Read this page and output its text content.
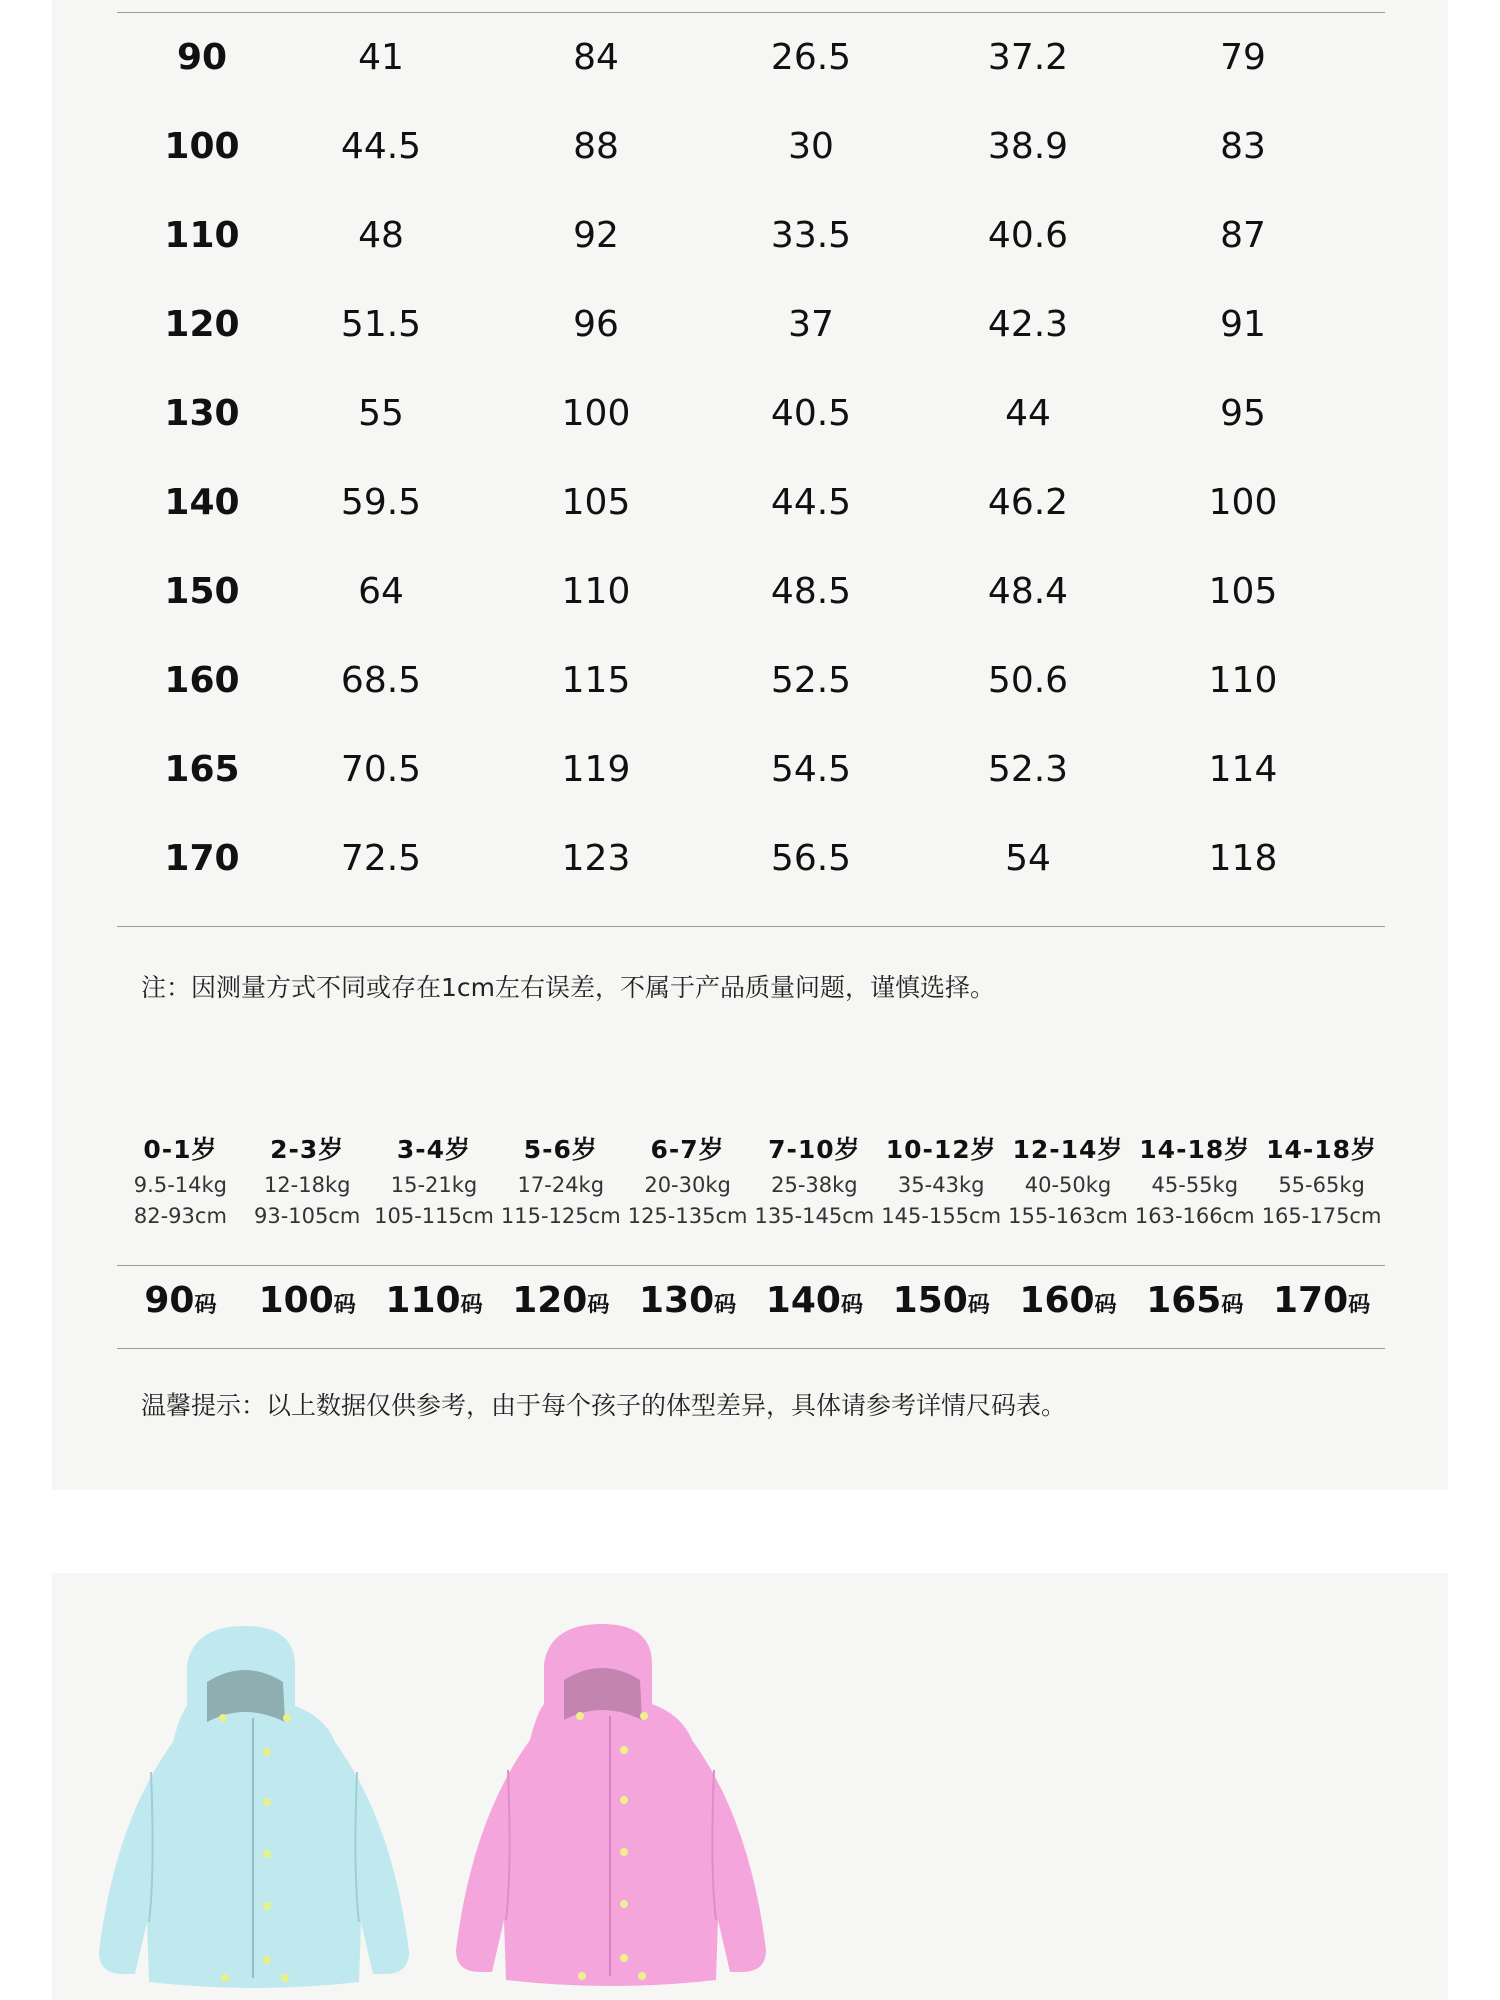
90	41	84	26.5	37.2	79
100	44.5	88	30	38.9	83
110	48	92	33.5	40.6	87
120	51.5	96	37	42.3	91
130	55	100	40.5	44	95
140	59.5	105	44.5	46.2	100
150	64	110	48.5	48.4	105
160	68.5	115	52.5	50.6	110
165	70.5	119	54.5	52.3	114
170	72.5	123	56.5	54	118
注：因测量方式不同或存在1cm左右误差，不属于产品质量问题，谨慎选择。
0-1岁
9.5-14kg
82-93cm
2-3岁
12-18kg
93-105cm
3-4岁
15-21kg
105-115cm
5-6岁
17-24kg
115-125cm
6-7岁
20-30kg
125-135cm
7-10岁
25-38kg
135-145cm
10-12岁
35-43kg
145-155cm
12-14岁
40-50kg
155-163cm
14-18岁
45-55kg
163-166cm
14-18岁
55-65kg
165-175cm
90码	100码 110码 120码 130码 140码 150码 160码 165码 170码
温馨提示：以上数据仅供参考，由于每个孩子的体型差异，具体请参考详情尺码表。
